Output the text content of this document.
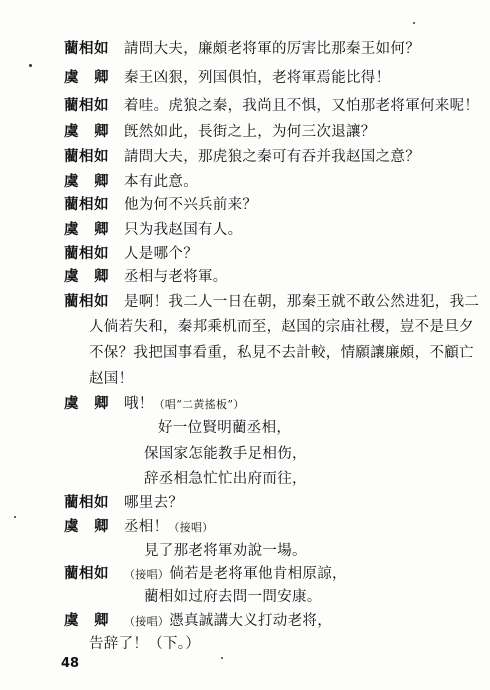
藺相如 請問大夫，廉頗老将軍的厉害比那秦王如何？
虞　卿 秦王凶狠，列国俱怕，老将軍焉能比得！
藺相如 着哇。虎狼之秦，我尚且不惧，又怕那老将軍何来呢！
虞　卿 旣然如此，長街之上，为何三次退讓？
藺相如 請問大夫，那虎狼之秦可有吞并我赵国之意？
虞　卿 本有此意。
藺相如 他为何不兴兵前来？
虞　卿 只为我赵国有人。
藺相如 人是哪个？
虞　卿 丞相与老将軍。
藺相如 是啊！我二人一日在朝，那秦王就不敢公然进犯，我二
人倘若失和，秦邦乘机而至，赵国的宗庙社稷，豈不是旦夕
不保？我把国事看重，私見不去計較，情願讓廉頗，不顧亡
赵国！
虞　卿 哦！（唱“二黄搖板”）
好一位賢明藺丞相，
保国家怎能教手足相伤，
辞丞相急忙忙出府而往，
藺相如 哪里去？
虞　卿 丞相！（接唱）
見了那老将軍劝說一場。
藺相如 （接唱）倘若是老将軍他肯相原諒，
藺相如过府去問一問安康。
虞　卿 （接唱）憑真誠講大义打动老将，
告辞了！（下。）
48
